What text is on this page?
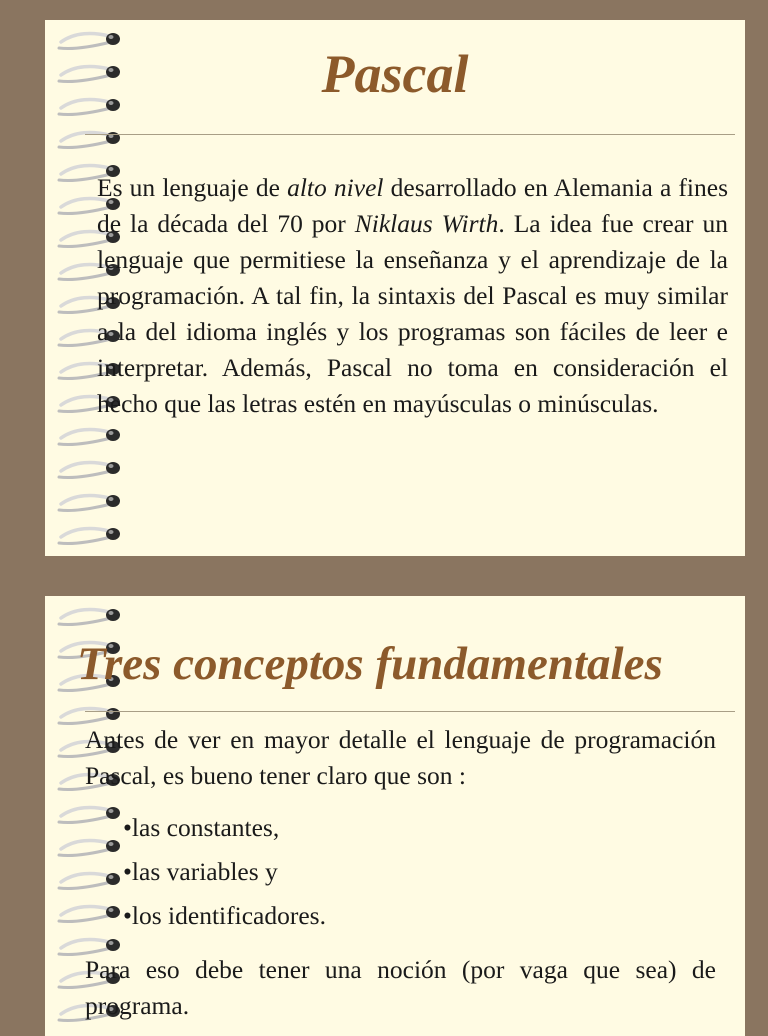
Pascal

Es un lenguaje de alto nivel desarrollado en Alemania a fines de la década del 70 por Niklaus Wirth. La idea fue crear un lenguaje que permitiese la enseñanza y el aprendizaje de la programación. A tal fin, la sintaxis del Pascal es muy similar a la del idioma inglés y los programas son fáciles de leer e interpretar. Además, Pascal no toma en consideración el hecho que las letras estén en mayúsculas o minúsculas.

Tres conceptos fundamentales

Antes de ver en mayor detalle el lenguaje de programación Pascal, es bueno tener claro que son :

•las constantes,
•las variables y
•los identificadores.

Para eso debe tener una noción (por vaga que sea) de programa.
